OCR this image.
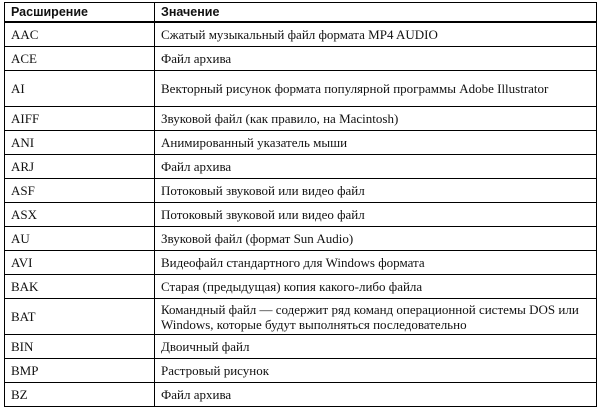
Расширение	Значение
AAC	Сжатый музыкальный файл формата MP4 AUDIO
ACE	Файл архива
AI	Векторный рисунок формата популярной программы Adobe Illustrator
AIFF	Звуковой файл (как правило, на Macintosh)
ANI	Анимированный указатель мыши
ARJ	Файл архива
ASF	Потоковый звуковой или видео файл
ASX	Потоковый звуковой или видео файл
AU	Звуковой файл (формат Sun Audio)
AVI	Видеофайл стандартного для Windows формата
BAK	Старая (предыдущая) копия какого-либо файла
BAT	Командный файл — содержит ряд команд операционной системы DOS или Windows, которые будут выполняться последовательно
BIN	Двоичный файл
BMP	Растровый рисунок
BZ	Файл архива
